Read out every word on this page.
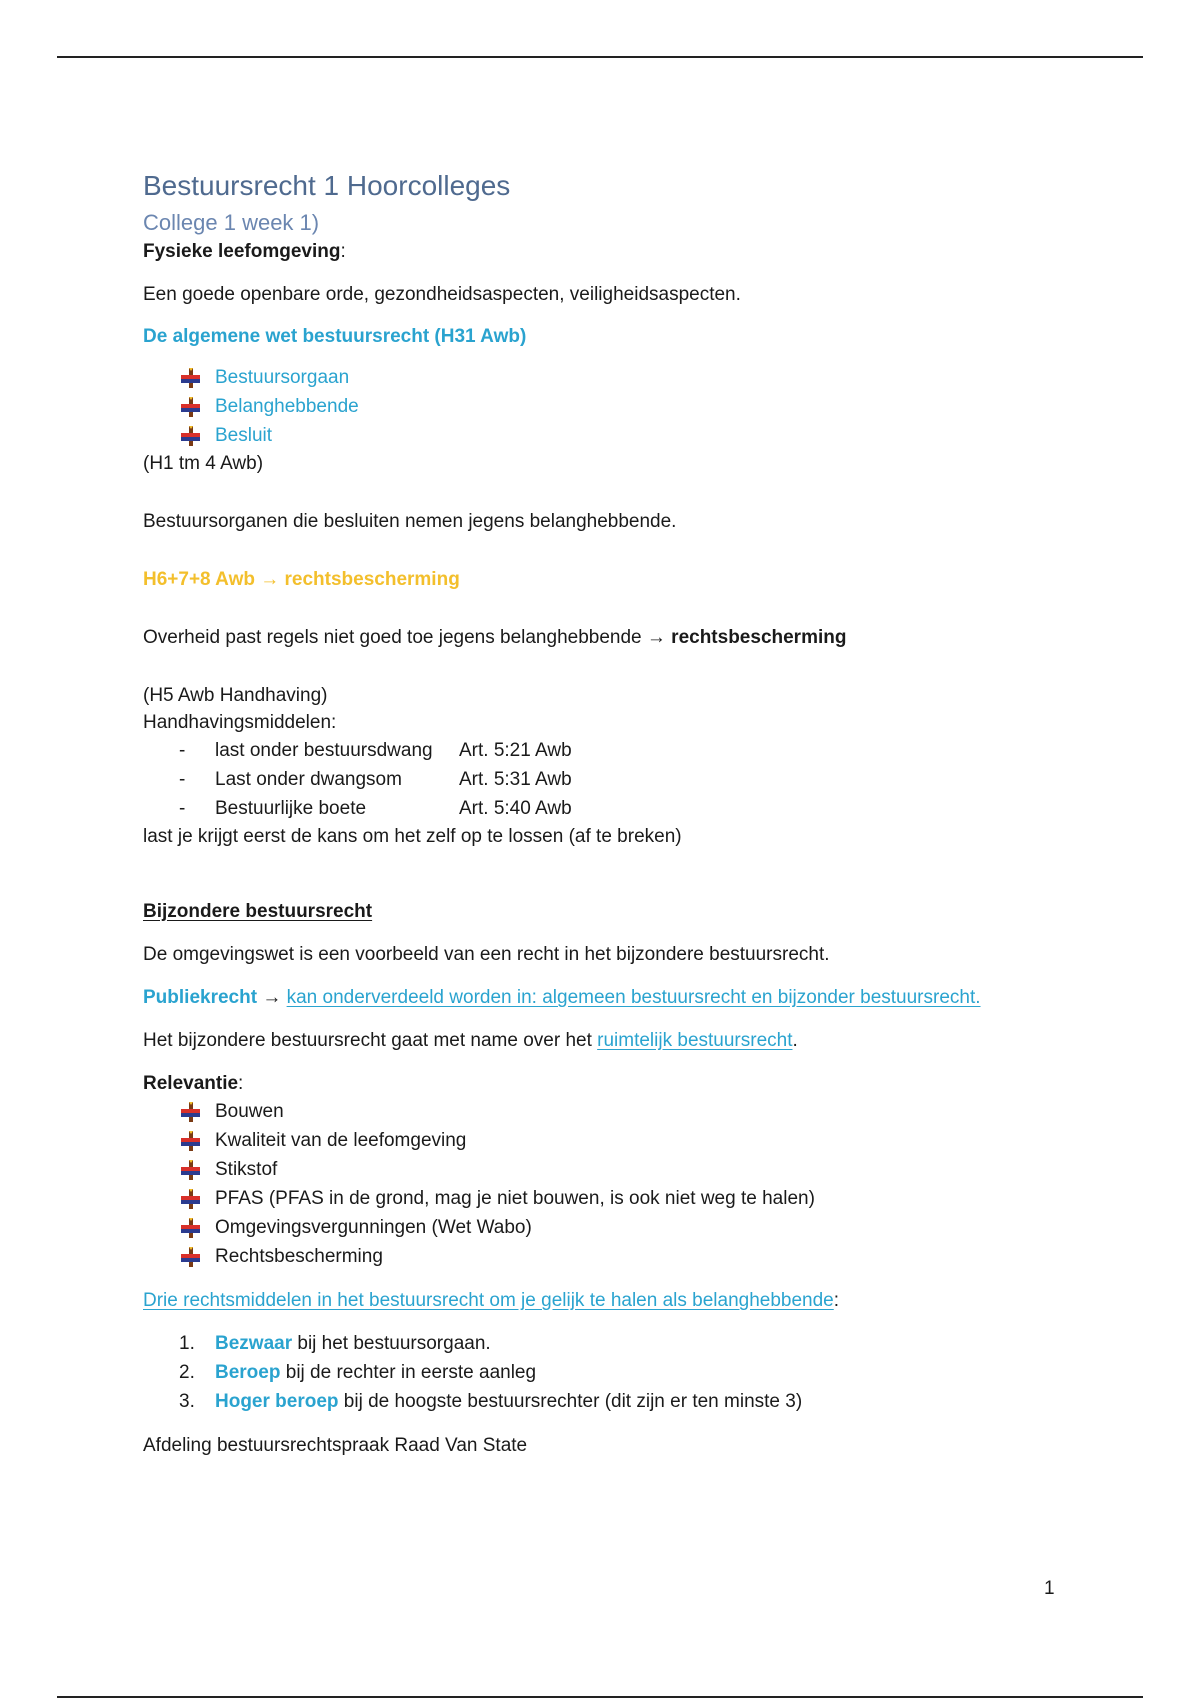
Bestuursrecht 1 Hoorcolleges
College 1 week 1)

Fysieke leefomgeving:

Een goede openbare orde, gezondheidsaspecten, veiligheidsaspecten.

De algemene wet bestuursrecht (H31 Awb)

Bestuursorgaan
Belanghebbende
Besluit

(H1 tm 4 Awb)

Bestuursorganen die besluiten nemen jegens belanghebbende.

H6+7+8 Awb → rechtsbescherming

Overheid past regels niet goed toe jegens belanghebbende → rechtsbescherming

(H5 Awb Handhaving)

Handhavingsmiddelen:

-	last onder bestuursdwang	Art. 5:21 Awb
-	Last onder dwangsom	Art. 5:31 Awb
-	Bestuurlijke boete	Art. 5:40 Awb

last je krijgt eerst de kans om het zelf op te lossen (af te breken)

Bijzondere bestuursrecht

De omgevingswet is een voorbeeld van een recht in het bijzondere bestuursrecht.

Publiekrecht → kan onderverdeeld worden in: algemeen bestuursrecht en bijzonder bestuursrecht.

Het bijzondere bestuursrecht gaat met name over het ruimtelijk bestuursrecht.

Relevantie:

Bouwen
Kwaliteit van de leefomgeving
Stikstof
PFAS (PFAS in de grond, mag je niet bouwen, is ook niet weg te halen)
Omgevingsvergunningen (Wet Wabo)
Rechtsbescherming

Drie rechtsmiddelen in het bestuursrecht om je gelijk te halen als belanghebbende:

1.	Bezwaar bij het bestuursorgaan.
2.	Beroep bij de rechter in eerste aanleg
3.	Hoger beroep bij de hoogste bestuursrechter (dit zijn er ten minste 3)

Afdeling bestuursrechtspraak Raad Van State

1
